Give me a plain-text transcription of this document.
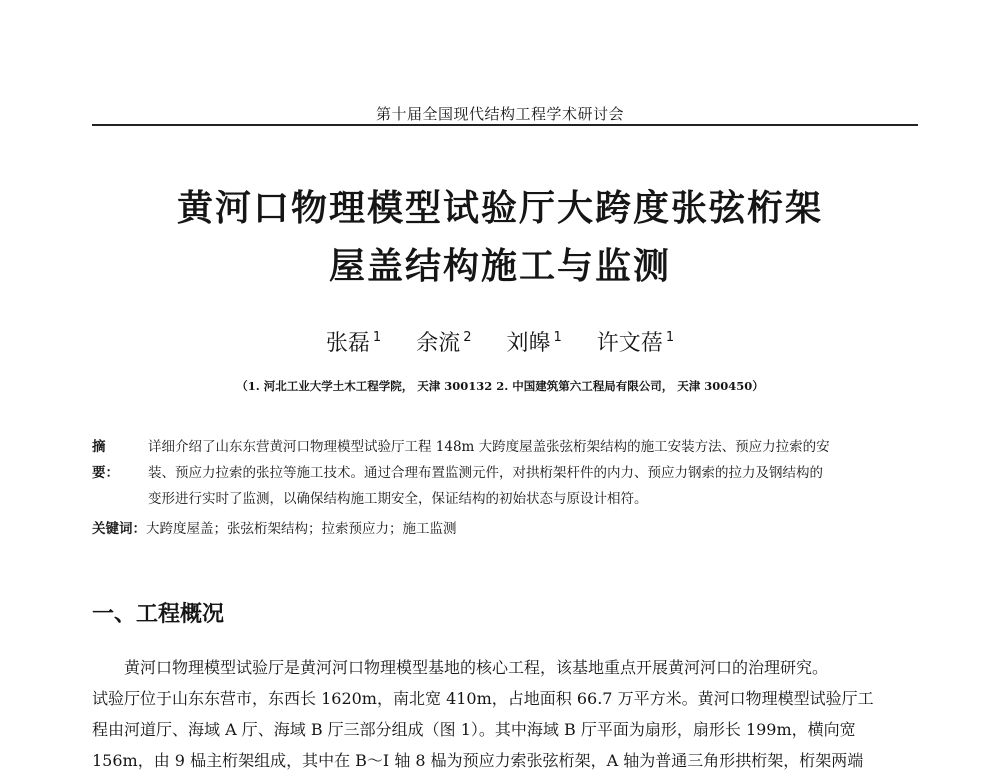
第十届全国现代结构工程学术研讨会
黄河口物理模型试验厅大跨度张弦桁架
屋盖结构施工与监测
张磊 $^1$ 余流 $^2$ 刘皞 $^1$ 许文蓓 $^1$
（1. 河北工业大学土木工程学院， 天津 300132 2. 中国建筑第六工程局有限公司， 天津 300450）
摘　要：
详细介绍了山东东营黄河口物理模型试验厅工程 148m 大跨度屋盖张弦桁架结构的施工安装方法、预应力拉索的安
装、预应力拉索的张拉等施工技术。通过合理布置监测元件，对拱桁架杆件的内力、预应力钢索的拉力及钢结构的
变形进行实时了监测，以确保结构施工期安全，保证结构的初始状态与原设计相符。
关键词：大跨度屋盖；张弦桁架结构；拉索预应力；施工监测
一、工程概况
黄河口物理模型试验厅是黄河河口物理模型基地的核心工程，该基地重点开展黄河河口的治理研究。
试验厅位于山东东营市，东西长 1620m，南北宽 410m，占地面积 66.7 万平方米。黄河口物理模型试验厅工
程由河道厅、海域 A 厅、海域 B 厅三部分组成（图 1）。其中海域 B 厅平面为扇形，扇形长 199m，横向宽
156m，由 9 榀主桁架组成，其中在 B～I 轴 8 榀为预应力索张弦桁架，A 轴为普通三角形拱桁架，桁架两端
